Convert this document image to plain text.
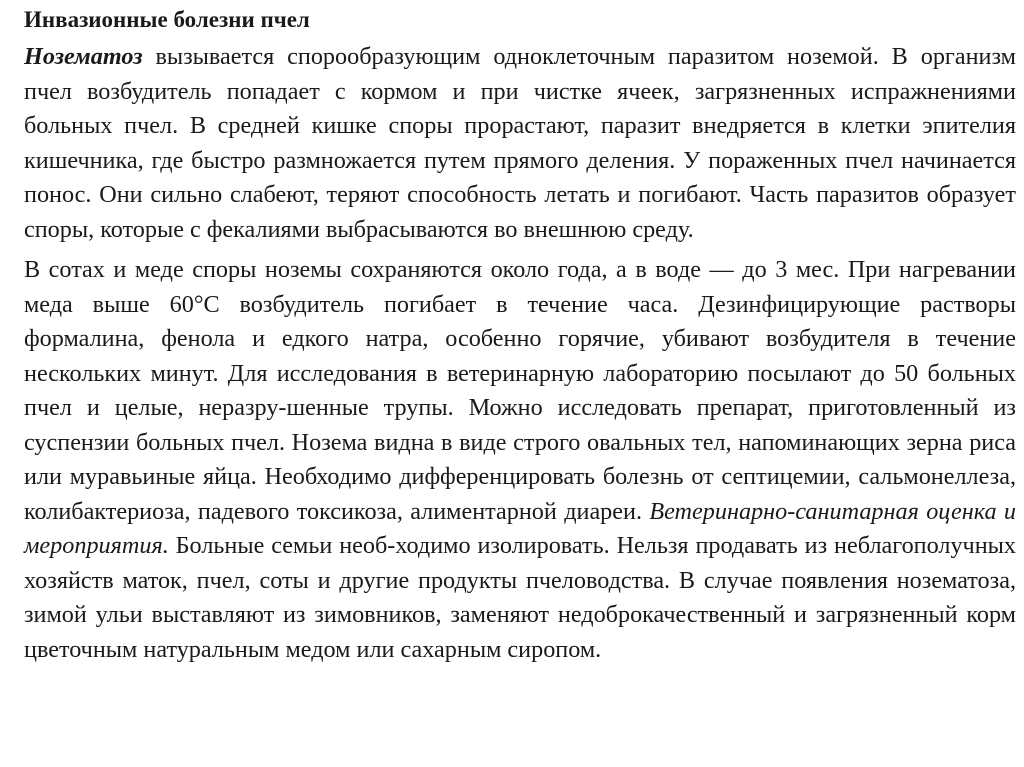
Инвазионные болезни пчел

Нозематоз вызывается спорообразующим одноклеточным паразитом ноземой. В организм пчел возбудитель попадает с кормом и при чистке ячеек, загрязненных испражнениями больных пчел. В средней кишке споры прорастают, паразит внедряется в клетки эпителия кишечника, где быстро размножается путем прямого деления. У пораженных пчел начинается понос. Они сильно слабеют, теряют способность летать и погибают. Часть паразитов образует споры, которые с фекалиями выбрасываются во внешнюю среду.

В сотах и меде споры ноземы сохраняются около года, а в воде — до 3 мес. При нагревании меда выше 60°С возбудитель погибает в течение часа. Дезинфицирующие растворы формалина, фенола и едкого натра, особенно горячие, убивают возбудителя в течение нескольких минут. Для исследования в ветеринарную лабораторию посылают до 50 больных пчел и целые, неразру-шенные трупы. Можно исследовать препарат, приготовленный из суспензии больных пчел. Нозема видна в виде строго овальных тел, напоминающих зерна риса или муравьиные яйца. Необходимо дифференцировать болезнь от септицемии, сальмонеллеза, колибактериоза, падевого токсикоза, алиментарной диареи. Ветеринарно-санитарная оценка и мероприятия. Больные семьи необ-ходимо изолировать. Нельзя продавать из неблагополучных хозяйств маток, пчел, соты и другие продукты пчеловодства. В случае появления нозематоза, зимой ульи выставляют из зимовников, заменяют недоброкачественный и загрязненный корм цветочным натуральным медом или сахарным сиропом.
